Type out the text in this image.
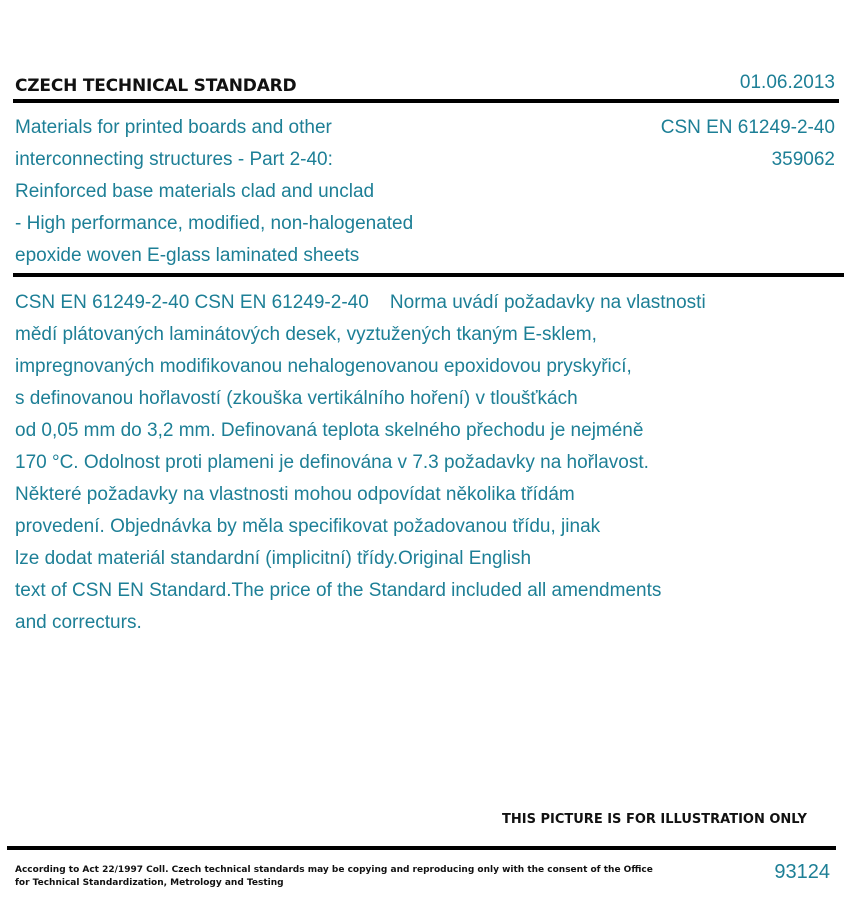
CZECH TECHNICAL STANDARD	01.06.2013
Materials for printed boards and other
interconnecting structures - Part 2-40:
Reinforced base materials clad and unclad
- High performance, modified, non-halogenated
epoxide woven E-glass laminated sheets
CSN EN 61249-2-40
359062
CSN EN 61249-2-40 CSN EN 61249-2-40    Norma uvádí požadavky na vlastnosti
mědí plátovaných laminátových desek, vyztužených tkaným E-sklem,
impregnovaných modifikovanou nehalogenovanou epoxidovou pryskyřicí,
s definovanou hořlavostí (zkouška vertikálního hoření) v tloušťkách
od 0,05 mm do 3,2 mm. Definovaná teplota skelného přechodu je nejméně
170 °C. Odolnost proti plameni je definována v 7.3 požadavky na hořlavost.
Některé požadavky na vlastnosti mohou odpovídat několika třídám
provedení. Objednávka by měla specifikovat požadovanou třídu, jinak
lze dodat materiál standardní (implicitní) třídy.Original English
text of CSN EN Standard.The price of the Standard included all amendments
and correcturs.
THIS PICTURE IS FOR ILLUSTRATION ONLY
According to Act 22/1997 Coll. Czech technical standards may be copying and reproducing only with the consent of the Office
for Technical Standardization, Metrology and Testing	93124
